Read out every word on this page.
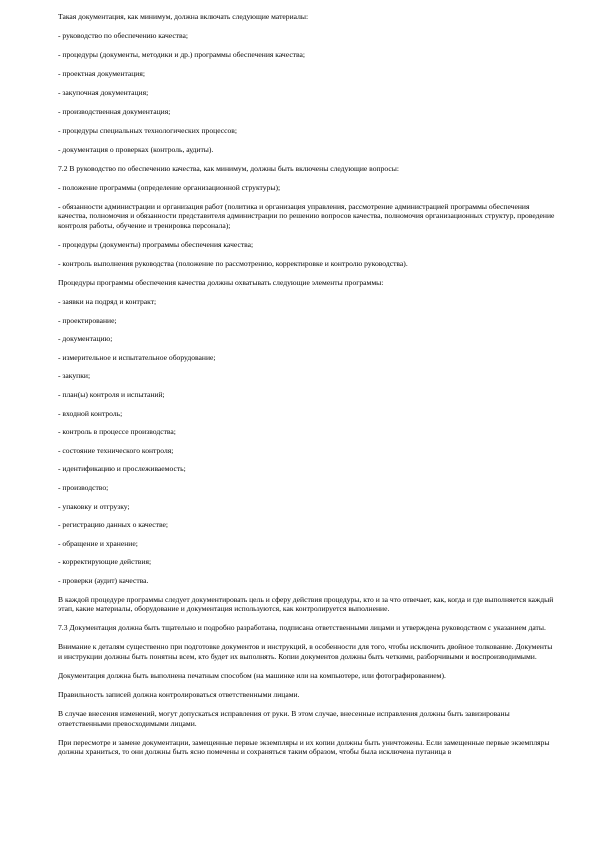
Такая документация, как минимум, должна включать следующие материалы:

- руководство по обеспечению качества;

- процедуры (документы, методики и др.) программы обеспечения качества;

- проектная документация;

- закупочная документация;

- производственная документация;

- процедуры специальных технологических процессов;

- документация о проверках (контроль, аудиты).

7.2 В руководство по обеспечению качества, как минимум, должны быть включены следующие вопросы:

- положение программы (определение организационной структуры);

- обязанности администрации и организация работ (политика и организация управления, рассмотрение администрацией программы обеспечения качества, полномочия и обязанности представителя администрации по решению вопросов качества, полномочия организационных структур, проведение контроля работы, обучение и тренировка персонала);

- процедуры (документы) программы обеспечения качества;

- контроль выполнения руководства (положение по рассмотрению, корректировке и контролю руководства).

Процедуры программы обеспечения качества должны охватывать следующие элементы программы:

- заявки на подряд и контракт;

- проектирование;

- документацию;

- измерительное и испытательное оборудование;

- закупки;

- план(ы) контроля и испытаний;

- входной контроль;

- контроль в процессе производства;

- состояние технического контроля;

- идентификацию и прослеживаемость;

- производство;

- упаковку и отгрузку;

- регистрацию данных о качестве;

- обращение и хранение;

- корректирующие действия;

- проверки (аудит) качества.

В каждой процедуре программы следует документировать цель и сферу действия процедуры, кто и за что отвечает, как, когда и где выполняется каждый этап, какие материалы, оборудование и документация используются, как контролируется выполнение.

7.3 Документация должна быть тщательно и подробно разработана, подписана ответственными лицами и утверждена руководством с указанием даты.

Внимание к деталям существенно при подготовке документов и инструкций, в особенности для того, чтобы исключить двойное толкование. Документы и инструкции должны быть понятны всем, кто будет их выполнять. Копии документов должны быть четкими, разборчивыми и воспроизводимыми.

Документация должна быть выполнена печатным способом (на машинке или на компьютере, или фотографированием).

Правильность записей должна контролироваться ответственными лицами.

В случае внесения изменений, могут допускаться исправления от руки. В этом случае, внесенные исправления должны быть завизированы ответственными превосходимыми лицами.

При пересмотре и замене документации, замещенные первые экземпляры и их копии должны быть уничтожены. Если замещенные первые экземпляры должны храниться, то они должны быть ясно помечены и сохраняться таким образом, чтобы была исключена путаница в
